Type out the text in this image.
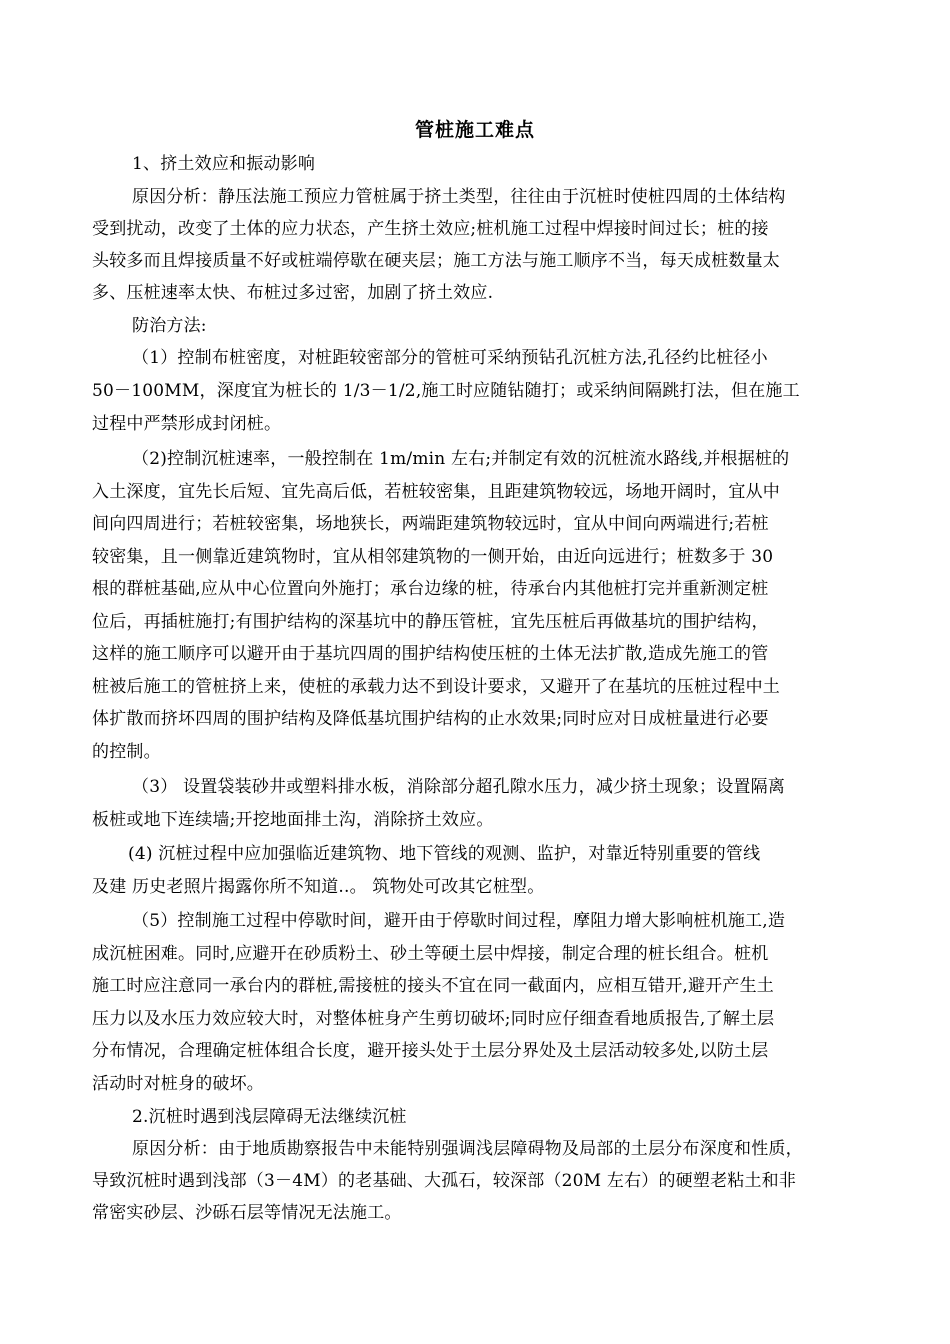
管桩施工难点
1、挤土效应和振动影响
原因分析：静压法施工预应力管桩属于挤土类型，往往由于沉桩时使桩四周的土体结构
受到扰动，改变了土体的应力状态，产生挤土效应;桩机施工过程中焊接时间过长；桩的接
头较多而且焊接质量不好或桩端停歇在硬夹层；施工方法与施工顺序不当，每天成桩数量太
多、压桩速率太快、布桩过多过密，加剧了挤土效应.
防治方法:
（1）控制布桩密度，对桩距较密部分的管桩可采纳预钻孔沉桩方法,孔径约比桩径小
50－100MM，深度宜为桩长的 1/3－1/2,施工时应随钻随打；或采纳间隔跳打法，但在施工
过程中严禁形成封闭桩。
（2)控制沉桩速率，一般控制在 1m/min 左右;并制定有效的沉桩流水路线,并根据桩的
入土深度，宜先长后短、宜先高后低，若桩较密集，且距建筑物较远，场地开阔时，宜从中
间向四周进行；若桩较密集，场地狭长，两端距建筑物较远时，宜从中间向两端进行;若桩
较密集，且一侧靠近建筑物时，宜从相邻建筑物的一侧开始，由近向远进行；桩数多于 30
根的群桩基础,应从中心位置向外施打；承台边缘的桩，待承台内其他桩打完并重新测定桩
位后，再插桩施打;有围护结构的深基坑中的静压管桩，宜先压桩后再做基坑的围护结构，
这样的施工顺序可以避开由于基坑四周的围护结构使压桩的土体无法扩散,造成先施工的管
桩被后施工的管桩挤上来，使桩的承载力达不到设计要求，又避开了在基坑的压桩过程中土
体扩散而挤坏四周的围护结构及降低基坑围护结构的止水效果;同时应对日成桩量进行必要
的控制。
（3） 设置袋装砂井或塑料排水板，消除部分超孔隙水压力，减少挤土现象；设置隔离
板桩或地下连续墙;开挖地面排土沟，消除挤土效应。
(4) 沉桩过程中应加强临近建筑物、地下管线的观测、监护，对靠近特别重要的管线
及建 历史老照片揭露你所不知道..。 筑物处可改其它桩型。
（5）控制施工过程中停歇时间，避开由于停歇时间过程，摩阻力增大影响桩机施工,造
成沉桩困难。同时,应避开在砂质粉土、砂土等硬土层中焊接，制定合理的桩长组合。桩机
施工时应注意同一承台内的群桩,需接桩的接头不宜在同一截面内，应相互错开,避开产生土
压力以及水压力效应较大时，对整体桩身产生剪切破坏;同时应仔细查看地质报告,了解土层
分布情况，合理确定桩体组合长度，避开接头处于土层分界处及土层活动较多处,以防土层
活动时对桩身的破坏。
2.沉桩时遇到浅层障碍无法继续沉桩
原因分析：由于地质勘察报告中未能特别强调浅层障碍物及局部的土层分布深度和性质，
导致沉桩时遇到浅部（3－4M）的老基础、大孤石，较深部（20M 左右）的硬塑老粘土和非
常密实砂层、沙砾石层等情况无法施工。
